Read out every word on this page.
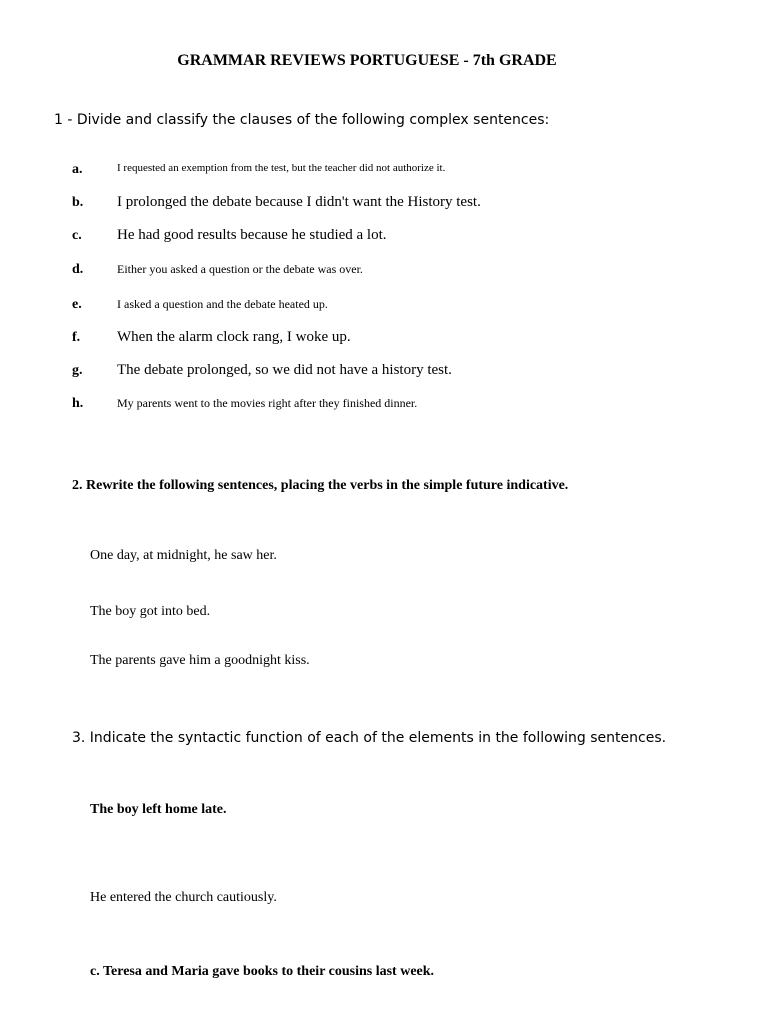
GRAMMAR REVIEWS PORTUGUESE - 7th GRADE
1 - Divide and classify the clauses of the following complex sentences:
a.	I requested an exemption from the test, but the teacher did not authorize it.
b. I prolonged the debate because I didn't want the History test.
c. He had good results because he studied a lot.
d.	Either you asked a question or the debate was over.
e.	I asked a question and the debate heated up.
f. When the alarm clock rang, I woke up.
g. The debate prolonged, so we did not have a history test.
h.	My parents went to the movies right after they finished dinner.
2. Rewrite the following sentences, placing the verbs in the simple future indicative.
One day, at midnight, he saw her.
The boy got into bed.
The parents gave him a goodnight kiss.
3. Indicate the syntactic function of each of the elements in the following sentences.
The boy left home late.
He entered the church cautiously.
c. Teresa and Maria gave books to their cousins last week.
